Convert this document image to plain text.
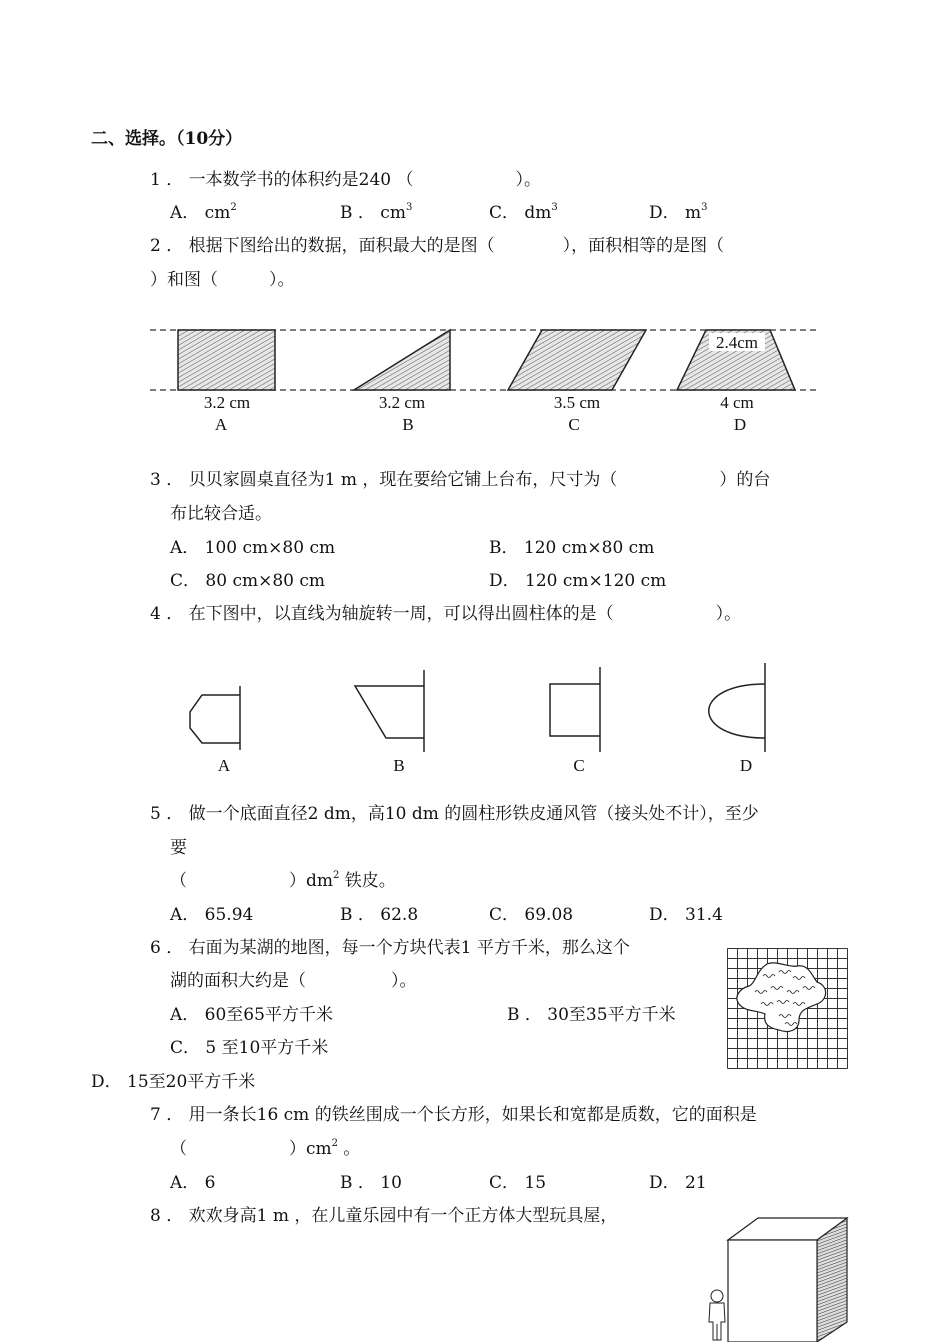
二、选择。（10分）
1 ． 一本数学书的体积约是240 （　　　　　　）。
A． $cm^2$	B ． $cm^3$	C． $dm^3$	D． $m^3$
2 ． 根据下图给出的数据，面积最大的是图（　　　　），面积相等的是图（
）和图（　　　）。
2.4cm
3.2 cm	3.2 cm	3.5 cm	4 cm
A	B	C	D
3 ． 贝贝家圆桌直径为1 m ，现在要给它铺上台布，尺寸为（　　　　　　）的台
布比较合适。
A． 100 cm×80 cm	B． 120 cm×80 cm
C． 80 cm×80 cm	D． 120 cm×120 cm
4 ． 在下图中，以直线为轴旋转一周，可以得出圆柱体的是（　　　　　　）。
A	B	C	D
5 ． 做一个底面直径2 dm，高10 dm 的圆柱形铁皮通风管（接头处不计），至少
要
（　　　　　　）$dm^2$ 铁皮。
A． 65.94	B ． 62.8	C． 69.08	D． 31.4
6 ． 右面为某湖的地图，每一个方块代表1 平方千米，那么这个
湖的面积大约是（　　　　　）。
A． 60至65平方千米	B ． 30至35平方千米
C． 5 至10平方千米
D． 15至20平方千米
7 ． 用一条长16 cm 的铁丝围成一个长方形，如果长和宽都是质数，它的面积是
（　　　　　　）$cm^2$ 。
A． 6	B ． 10	C． 15	D． 21
8 ． 欢欢身高1 m ，在儿童乐园中有一个正方体大型玩具屋，
